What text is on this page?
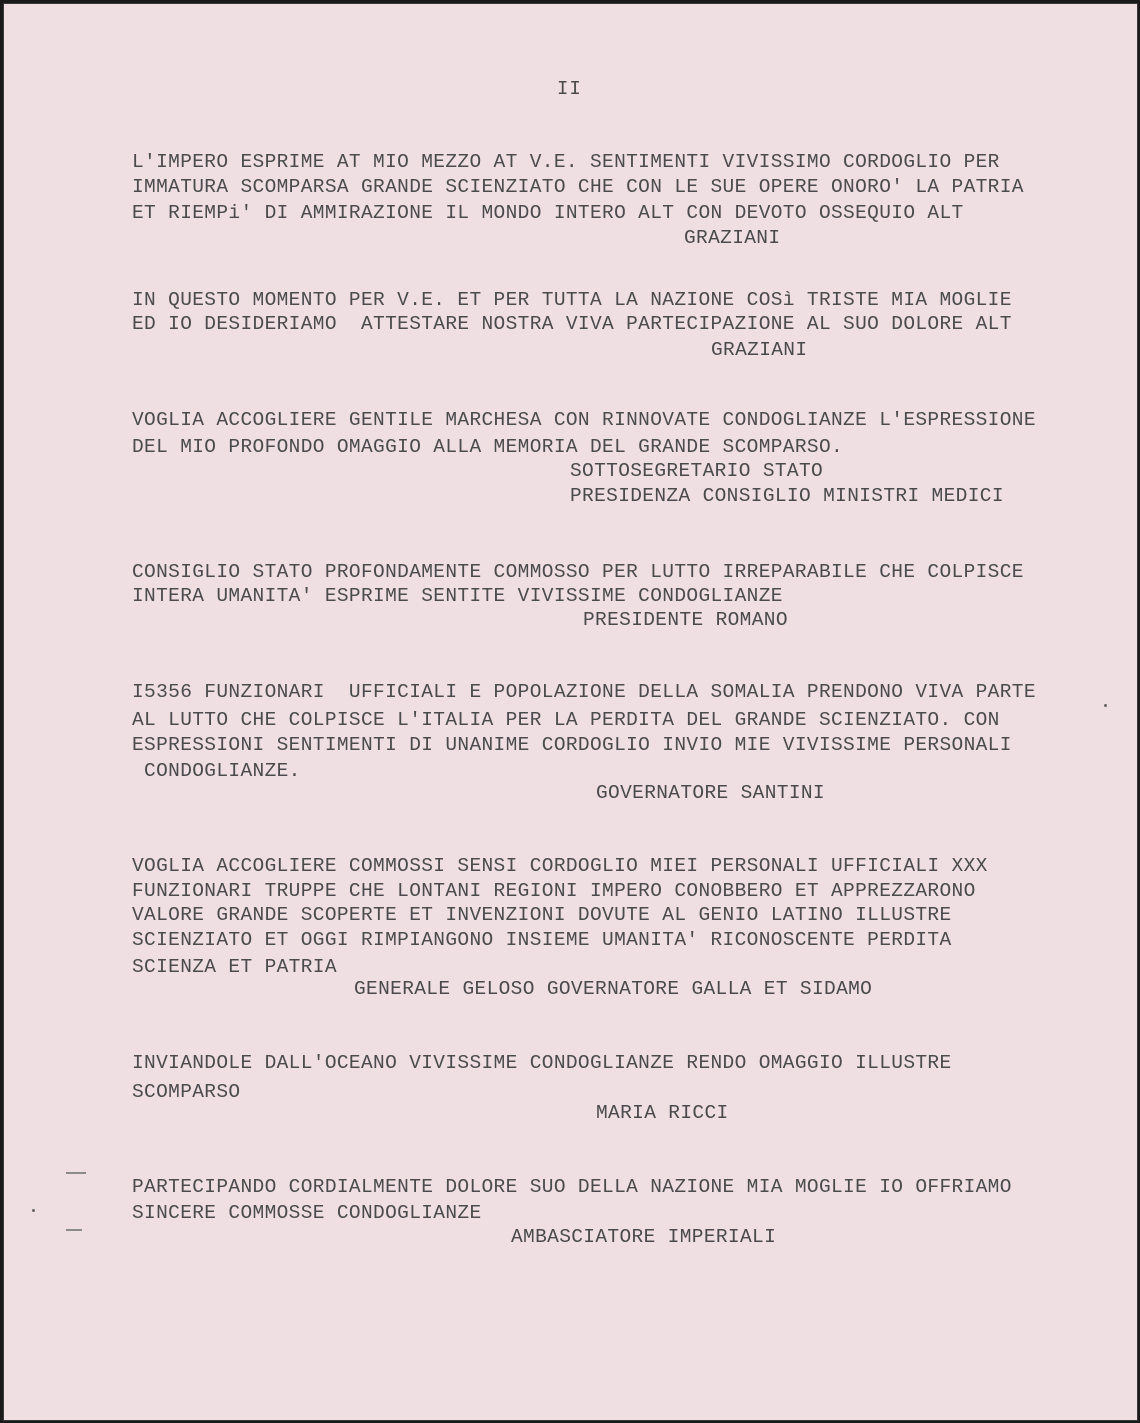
II
L'IMPERO ESPRIME AT MIO MEZZO AT V.E. SENTIMENTI VIVISSIMO CORDOGLIO PER
IMMATURA SCOMPARSA GRANDE SCIENZIATO CHE CON LE SUE OPERE ONORO' LA PATRIA
ET RIEMPi' DI AMMIRAZIONE IL MONDO INTERO ALT CON DEVOTO OSSEQUIO ALT
GRAZIANI
IN QUESTO MOMENTO PER V.E. ET PER TUTTA LA NAZIONE COSì TRISTE MIA MOGLIE
ED IO DESIDERIAMO  ATTESTARE NOSTRA VIVA PARTECIPAZIONE AL SUO DOLORE ALT
GRAZIANI
VOGLIA ACCOGLIERE GENTILE MARCHESA CON RINNOVATE CONDOGLIANZE L'ESPRESSIONE
DEL MIO PROFONDO OMAGGIO ALLA MEMORIA DEL GRANDE SCOMPARSO.
SOTTOSEGRETARIO STATO
PRESIDENZA CONSIGLIO MINISTRI MEDICI
CONSIGLIO STATO PROFONDAMENTE COMMOSSO PER LUTTO IRREPARABILE CHE COLPISCE
INTERA UMANITA' ESPRIME SENTITE VIVISSIME CONDOGLIANZE
PRESIDENTE ROMANO
I5356 FUNZIONARI  UFFICIALI E POPOLAZIONE DELLA SOMALIA PRENDONO VIVA PARTE
AL LUTTO CHE COLPISCE L'ITALIA PER LA PERDITA DEL GRANDE SCIENZIATO. CON
ESPRESSIONI SENTIMENTI DI UNANIME CORDOGLIO INVIO MIE VIVISSIME PERSONALI
CONDOGLIANZE.
GOVERNATORE SANTINI
VOGLIA ACCOGLIERE COMMOSSI SENSI CORDOGLIO MIEI PERSONALI UFFICIALI XXX
FUNZIONARI TRUPPE CHE LONTANI REGIONI IMPERO CONOBBERO ET APPREZZARONO
VALORE GRANDE SCOPERTE ET INVENZIONI DOVUTE AL GENIO LATINO ILLUSTRE
SCIENZIATO ET OGGI RIMPIANGONO INSIEME UMANITA' RICONOSCENTE PERDITA
SCIENZA ET PATRIA
GENERALE GELOSO GOVERNATORE GALLA ET SIDAMO
INVIANDOLE DALL'OCEANO VIVISSIME CONDOGLIANZE RENDO OMAGGIO ILLUSTRE
SCOMPARSO
MARIA RICCI
PARTECIPANDO CORDIALMENTE DOLORE SUO DELLA NAZIONE MIA MOGLIE IO OFFRIAMO
SINCERE COMMOSSE CONDOGLIANZE
AMBASCIATORE IMPERIALI
